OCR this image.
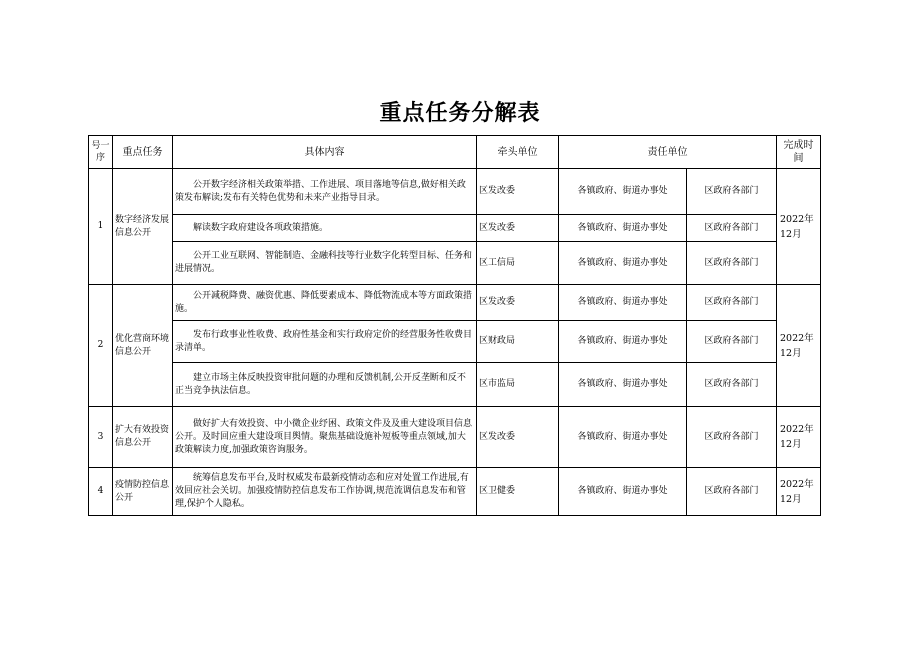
重点任务分解表
号一序	重点任务	具体内容	牵头单位	责任单位		完成时间
1	数字经济发展信息公开	公开数字经济相关政策举措、工作进展、项目落地等信息,做好相关政策发布解读;发布有关特色优势和未来产业指导目录。	区发改委	各镇政府、街道办事处	区政府各部门	2022年12月
		解读数字政府建设各项政策措施。	区发改委	各镇政府、街道办事处	区政府各部门	
		公开工业互联网、智能制造、金融科技等行业数字化转型目标、任务和进展情况。	区工信局	各镇政府、街道办事处	区政府各部门	
2	优化营商环境信息公开	公开减税降费、融资优惠、降低要素成本、降低物流成本等方面政策措施。	区发改委	各镇政府、街道办事处	区政府各部门	2022年12月
		发布行政事业性收费、政府性基金和实行政府定价的经营服务性收费目录清单。	区财政局	各镇政府、街道办事处	区政府各部门	
		建立市场主体反映投资审批问题的办理和反馈机制,公开反垄断和反不正当竞争执法信息。	区市监局	各镇政府、街道办事处	区政府各部门	
3	扩大有效投资信息公开	做好扩大有效投资、中小微企业纾困、政策文件及及重大建设项目信息公开。及时回应重大建设项目舆情。聚焦基础设施补短板等重点领域,加大政策解读力度,加强政策咨询服务。	区发改委	各镇政府、街道办事处	区政府各部门	2022年12月
4	疫情防控信息公开	统筹信息发布平台,及时权威发布最新疫情动态和应对处置工作进展,有效回应社会关切。加强疫情防控信息发布工作协调,规范流调信息发布和管理,保护个人隐私。	区卫健委	各镇政府、街道办事处	区政府各部门	2022年12月
